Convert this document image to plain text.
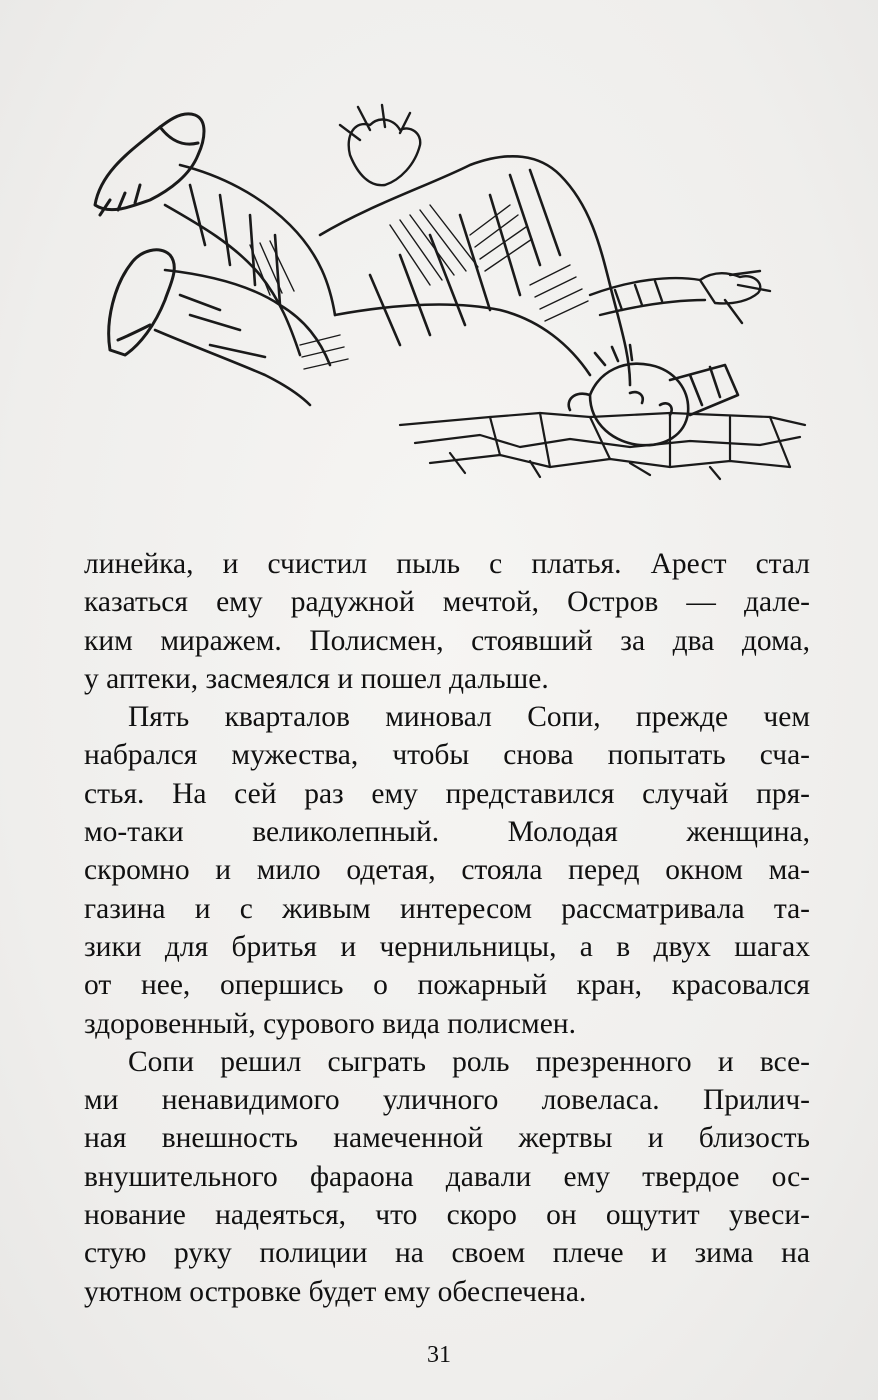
линейка, и счистил пыль с платья. Арест стал
казаться ему радужной мечтой, Остров — дале-
ким миражем. Полисмен, стоявший за два дома,
у аптеки, засмеялся и пошел дальше.
Пять кварталов миновал Сопи, прежде чем
набрался мужества, чтобы снова попытать сча-
стья. На сей раз ему представился случай пря-
мо-таки великолепный. Молодая женщина,
скромно и мило одетая, стояла перед окном ма-
газина и с живым интересом рассматривала та-
зики для бритья и чернильницы, а в двух шагах
от нее, опершись о пожарный кран, красовался
здоровенный, сурового вида полисмен.
Сопи решил сыграть роль презренного и все-
ми ненавидимого уличного ловеласа. Прилич-
ная внешность намеченной жертвы и близость
внушительного фараона давали ему твердое ос-
нование надеяться, что скоро он ощутит увеси-
стую руку полиции на своем плече и зима на
уютном островке будет ему обеспечена.
31
